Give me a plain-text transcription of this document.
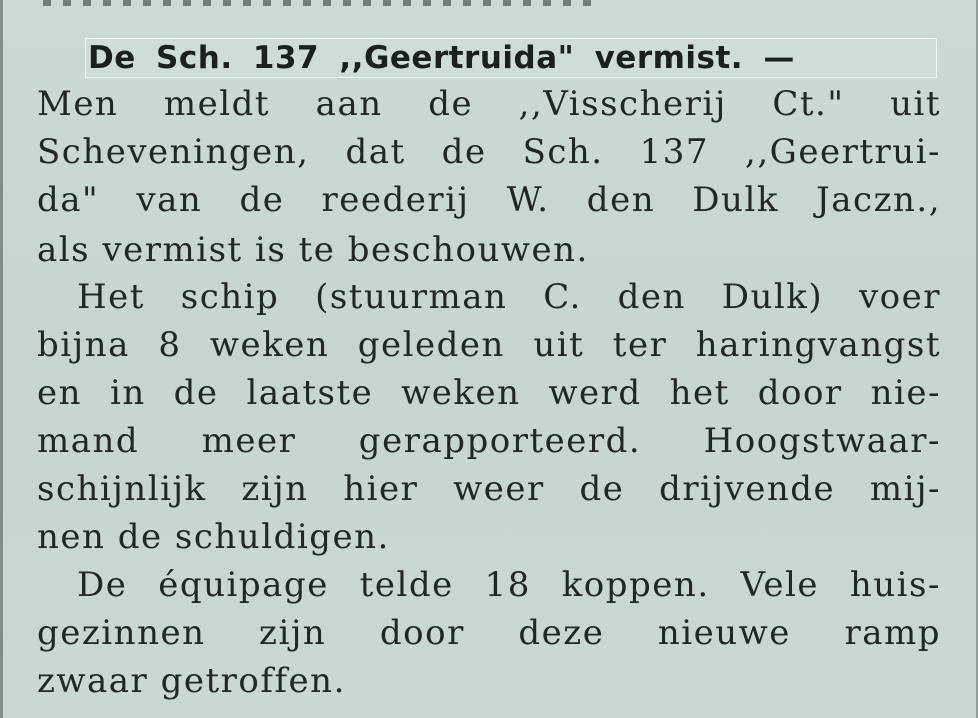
De Sch. 137 ,,Geertruida" vermist. —
Men meldt aan de ,,Visscherij Ct." uit
Scheveningen, dat de Sch. 137 ,,Geertrui-
da" van de reederij W. den Dulk Jaczn.,
als vermist is te beschouwen.
Het schip (stuurman C. den Dulk) voer
bijna 8 weken geleden uit ter haringvangst
en in de laatste weken werd het door nie-
mand meer gerapporteerd. Hoogstwaar-
schijnlijk zijn hier weer de drijvende mij-
nen de schuldigen.
De équipage telde 18 koppen. Vele huis-
gezinnen zijn door deze nieuwe ramp
zwaar getroffen.
